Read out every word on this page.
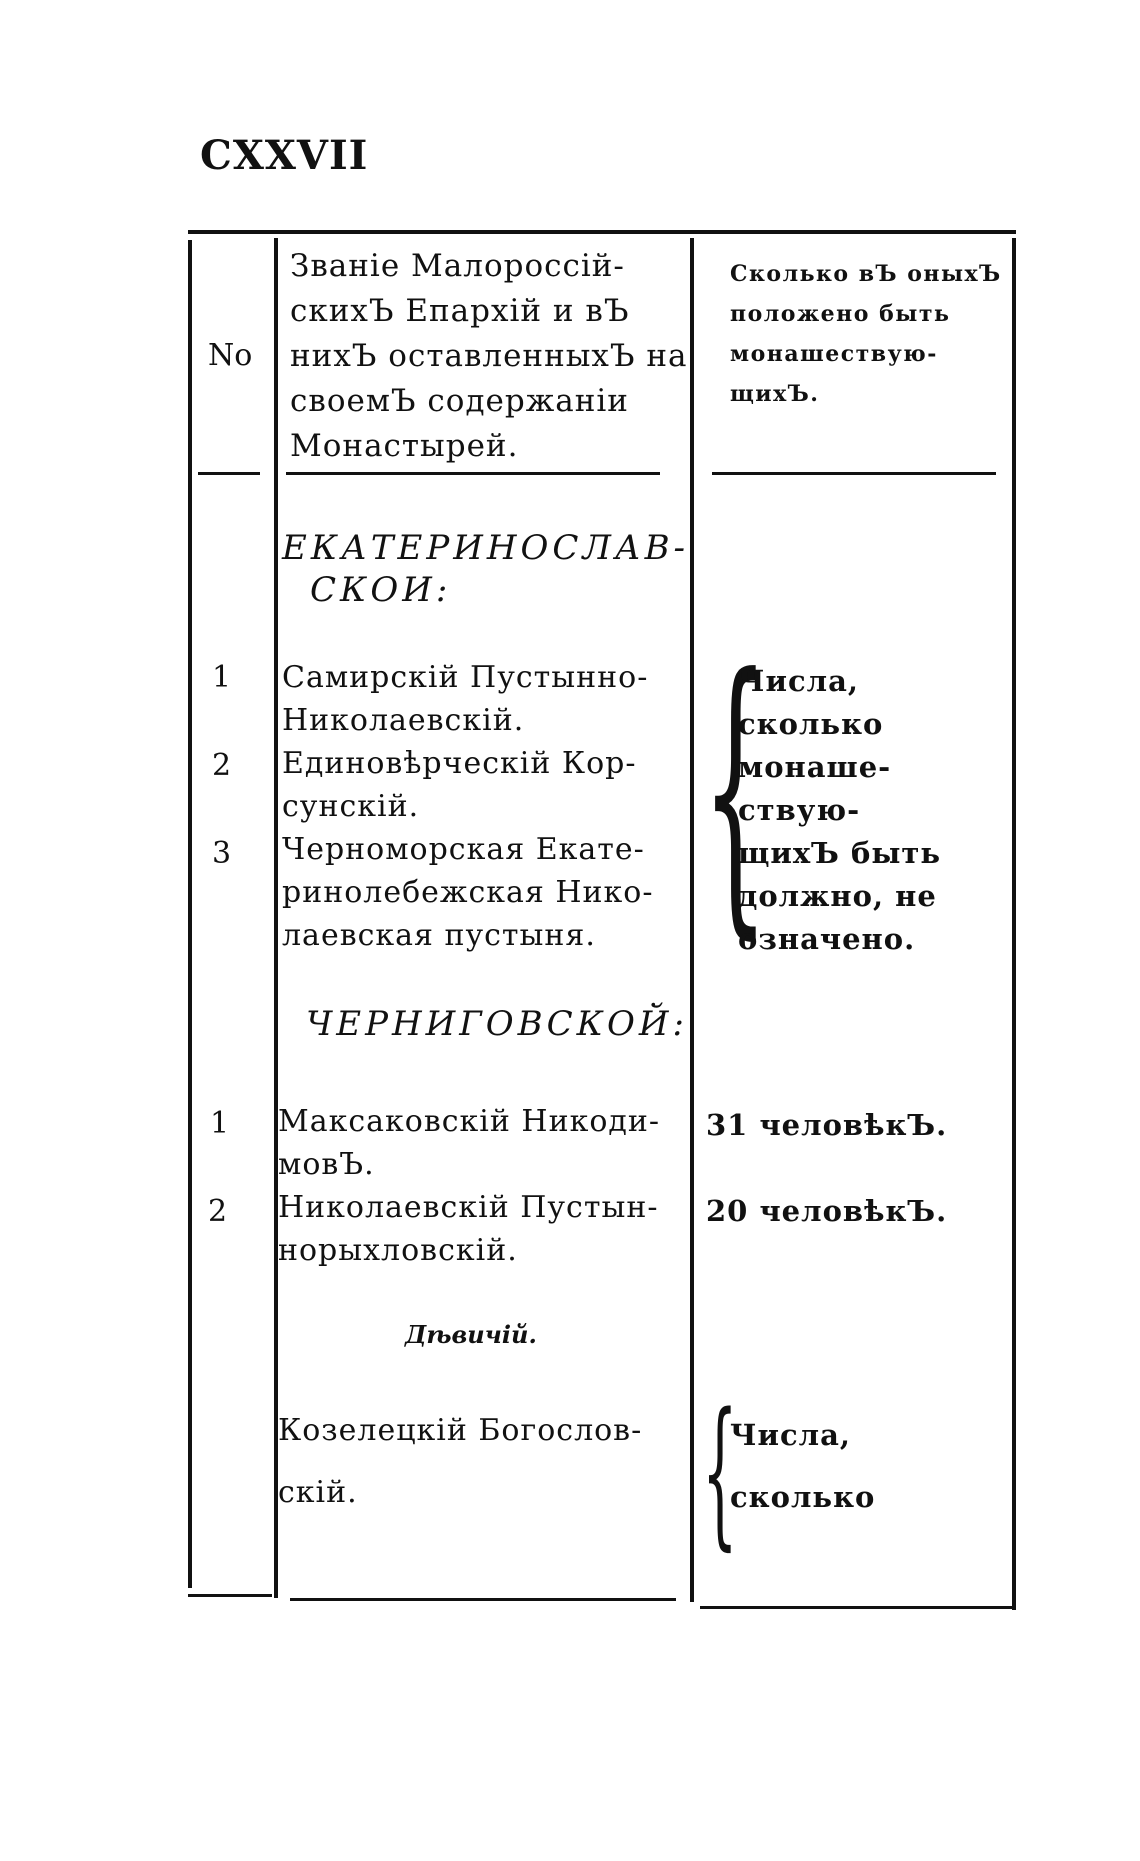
CXXVII
No
Званіе Малороссій-
скихЪ Епархій и вЪ
нихЪ оставленныхЪ на
своемЪ содержаніи
Монастырей.
Сколько вЪ оныхЪ
положено быть
монашествую-
щихЪ.
ЕКАТЕРИНОСЛАВ-
СКОИ:
1
2
3
Самирскій Пустынно-
Николаевскій.
Единовѣрческій Кор-
сунскій.
Черноморская Екате-
ринолебежская Нико-
лаевская пустыня. {
Числа,
сколько
монаше-
ствую-
щихЪ быть
должно, не
означено.
ЧЕРНИГОВСКОЙ:
1
2
Максаковскій Никоди-
мовЪ.
Николаевскій Пустын-
норыхловскій.
31 человѣкЪ.
20 человѣкЪ.
Дѣвичій.
Козелецкій Богослов-
скій.	{
Числа,
сколько
